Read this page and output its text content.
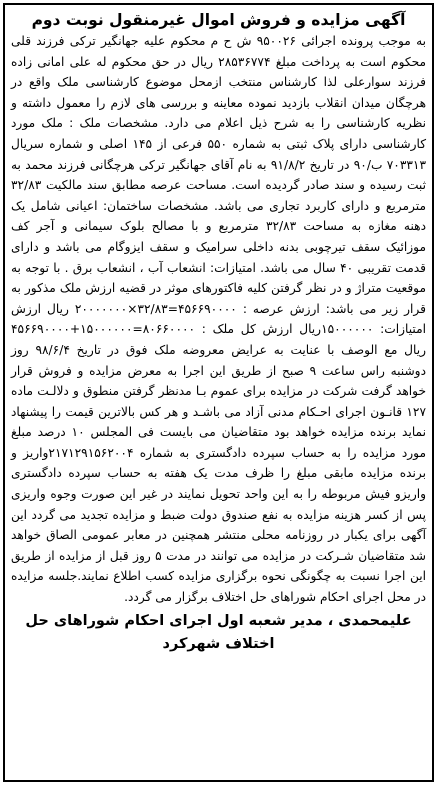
آگهی مزایده و فروش اموال غیرمنقول نوبت دوم

به موجب پرونده اجرائی ۹۵۰۰۲۶ ش ح م محکوم علیه جهانگیر ترکی فرزند قلی محکوم است به پرداخت مبلغ ۲۸۵۳۶۷۷۴ ریال در حق محکوم له علی امانی زاده فرزند سوارعلی لذا کارشناس منتخب ازمحل موضوع کارشناسی ملک واقع در هرچگان میدان انقلاب بازدید نموده معاینه و بررسی های لازم را معمول داشته و نظریه کارشناسی را به شرح ذیل اعلام می دارد. مشخصات ملک : ملک مورد کارشناسی دارای پلاک ثبتی به شماره ۵۵۰ فرعی از ۱۴۵ اصلی و شماره سریال ۷۰۳۳۱۳ ب/۹۰ در تاریخ ۹۱/۸/۲ به نام آقای جهانگیر ترکی هرچگانی فرزند محمد به ثبت رسیده و سند صادر گردیده است. مساحت عرصه مطابق سند مالکیت ۳۲/۸۳ مترمربع و دارای کاربرد تجاری می باشد. مشخصات ساختمان: اعیانی شامل یک دهنه مغازه به مساحت ۳۲/۸۳ مترمربع و با مصالح بلوک سیمانی و آجر کف موزائیک سقف تیرچوبی بدنه داخلی سرامیک و سقف ایزوگام می باشد و دارای قدمت تقریبی ۴۰ سال می باشد. امتیازات: انشعاب آب ، انشعاب برق . با توجه به موقعیت متراژ و در نظر گرفتن کلیه فاکتورهای موثر در قضیه ارزش ملک مذکور به قرار زیر می باشد: ارزش عرصه : ۴۵۶۶۹۰۰۰۰=۳۲/۸۳×۲۰۰۰۰۰۰۰ ریال ارزش امتیازات: ۱۵۰۰۰۰۰۰ریال ارزش کل ملک : ۸۰۶۶۰۰۰۰=۱۵۰۰۰۰۰۰+۴۵۶۶۹۰۰۰۰ ریال مع الوصف با عنایت به عرایض معروضه ملک فوق در تاریخ ۹۸/۶/۴ روز دوشنبه راس ساعت ۹ صبح از طریق این اجرا به معرض مزایده و فروش قرار خواهد گرفت شرکت در مزایده برای عموم بـا مدنظر گرفتن منطوق و دلالـت ماده ۱۲۷ قانـون اجرای احـکام مدنی آزاد می باشـد و هر کس بالاترین قیمت را پیشنهاد نماید برنده مزایده خواهد بود متقاضیان می بایست فی المجلس ۱۰ درصد مبلغ مورد مزایده را به حساب سپرده دادگستری به شماره ۲۱۷۱۲۹۱۵۶۲۰۰۴واریز و برنده مزایده مابقی مبلغ را ظرف مدت یک هفته به حساب سپرده دادگستری واریزو فیش مربوطه را به این واحد تحویل نمایند در غیر این صورت وجوه واریزی پس از کسر هزینه مزایده به نفع صندوق دولت ضبط و مزایده تجدید می گردد این آگهی برای یکبار در روزنامه محلی منتشر همچنین در معابر عمومی الصاق خواهد شد متقاضیان شـرکت در مزایده می توانند در مدت ۵ روز قبل از مزایده از طریق این اجرا نسبت به چگونگی نحوه برگزاری مزایده کسب اطلاع نمایند.جلسه مزایده در محل اجرای احکام شوراهای حل اختلاف برگزار می گردد.

علیمحمدی ، مدیر شعبه اول اجرای احکام شوراهای حل
اختلاف شهرکرد
